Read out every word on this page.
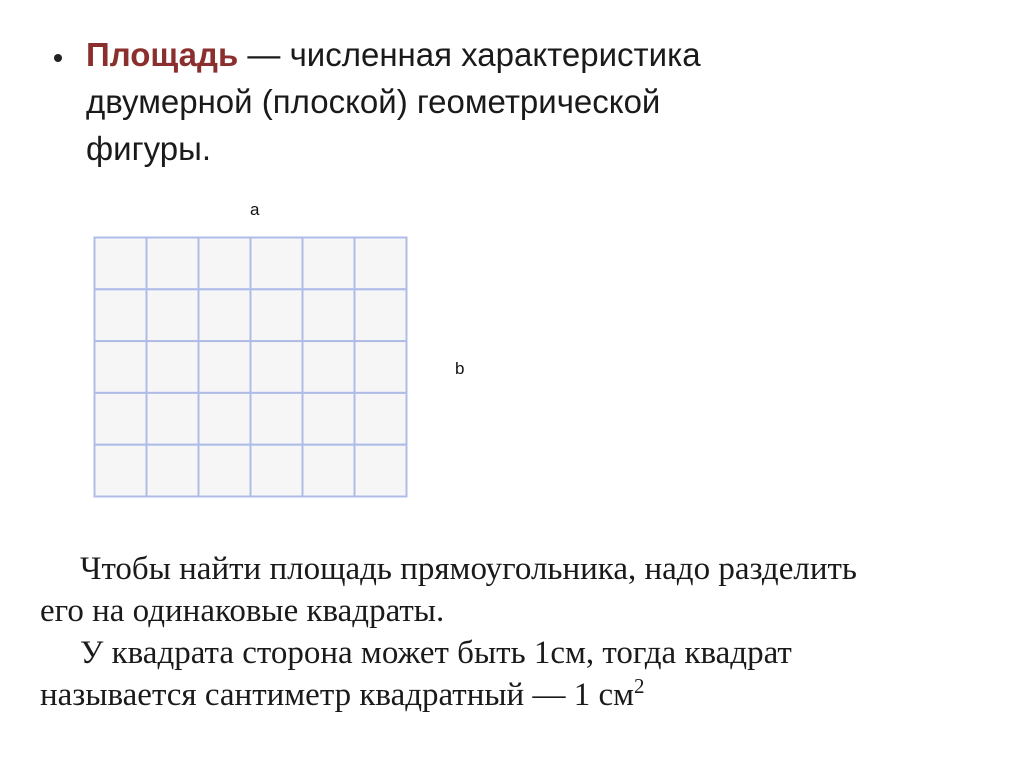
Площадь — численная характеристика
двумерной (плоской) геометрической
фигуры.
a
b

Чтобы найти площадь прямоугольника, надо разделить
его на одинаковые квадраты.

У квадрата сторона может быть 1см, тогда квадрат
называется сантиметр квадратный — 1 $см^2$
